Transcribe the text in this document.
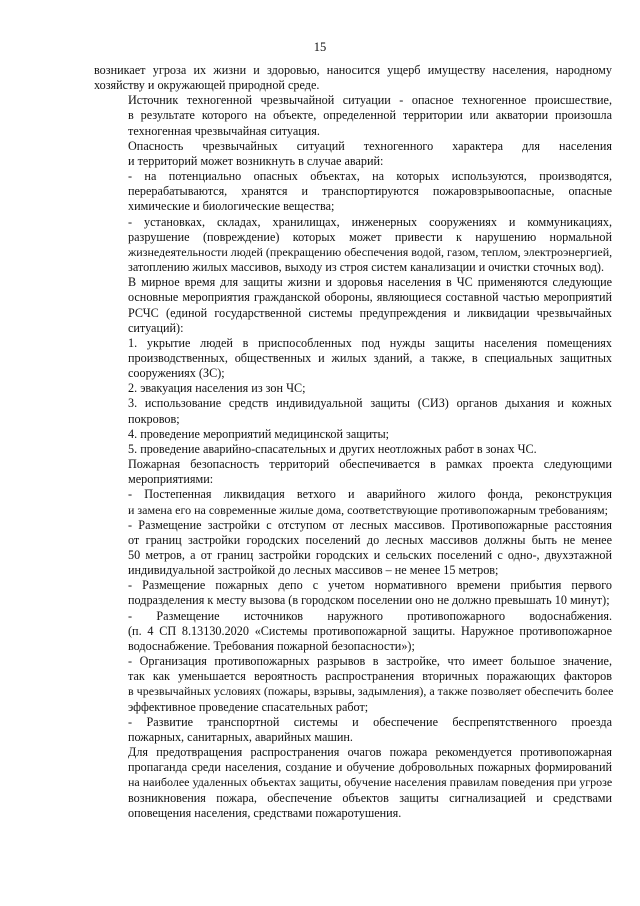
15
возникает угроза их жизни и здоровью, наносится ущерб имуществу населения, народному
хозяйству и окружающей природной среде.
Источник техногенной чрезвычайной ситуации - опасное техногенное происшествие,
в результате которого на объекте, определенной территории или акватории произошла
техногенная чрезвычайная ситуация.
Опасность чрезвычайных ситуаций техногенного характера для населения
и территорий может возникнуть в случае аварий:
- на потенциально опасных объектах, на которых используются, производятся,
перерабатываются, хранятся и транспортируются пожаровзрывоопасные, опасные
химические и биологические вещества;
- установках, складах, хранилищах, инженерных сооружениях и коммуникациях,
разрушение (повреждение) которых может привести к нарушению нормальной
жизнедеятельности людей (прекращению обеспечения водой, газом, теплом, электроэнергией,
затоплению жилых массивов, выходу из строя систем канализации и очистки сточных вод).
В мирное время для защиты жизни и здоровья населения в ЧС применяются следующие
основные мероприятия гражданской обороны, являющиеся составной частью мероприятий
РСЧС (единой государственной системы предупреждения и ликвидации чрезвычайных
ситуаций):
1. укрытие людей в приспособленных под нужды защиты населения помещениях
производственных, общественных и жилых зданий, а также, в специальных защитных
сооружениях (ЗС);
2. эвакуация населения из зон ЧС;
3. использование средств индивидуальной защиты (СИЗ) органов дыхания и кожных
покровов;
4. проведение мероприятий медицинской защиты;
5. проведение аварийно-спасательных и других неотложных работ в зонах ЧС.
Пожарная безопасность территорий обеспечивается в рамках проекта следующими
мероприятиями:
- Постепенная ликвидация ветхого и аварийного жилого фонда, реконструкция
и замена его на современные жилые дома, соответствующие противопожарным требованиям;
- Размещение застройки с отступом от лесных массивов. Противопожарные расстояния
от границ застройки городских поселений до лесных массивов должны быть не менее
50 метров, а от границ застройки городских и сельских поселений с одно-, двухэтажной
индивидуальной застройкой до лесных массивов – не менее 15 метров;
- Размещение пожарных депо с учетом нормативного времени прибытия первого
подразделения к месту вызова (в городском поселении оно не должно превышать 10 минут);
- Размещение источников наружного противопожарного водоснабжения.
(п. 4 СП 8.13130.2020 «Системы противопожарной защиты. Наружное противопожарное
водоснабжение. Требования пожарной безопасности»);
- Организация противопожарных разрывов в застройке, что имеет большое значение,
так как уменьшается вероятность распространения вторичных поражающих факторов
в чрезвычайных условиях (пожары, взрывы, задымления), а также позволяет обеспечить более
эффективное проведение спасательных работ;
- Развитие транспортной системы и обеспечение беспрепятственного проезда
пожарных, санитарных, аварийных машин.
Для предотвращения распространения очагов пожара рекомендуется противопожарная
пропаганда среди населения, создание и обучение добровольных пожарных формирований
на наиболее удаленных объектах защиты, обучение населения правилам поведения при угрозе
возникновения пожара, обеспечение объектов защиты сигнализацией и средствами
оповещения населения, средствами пожаротушения.
